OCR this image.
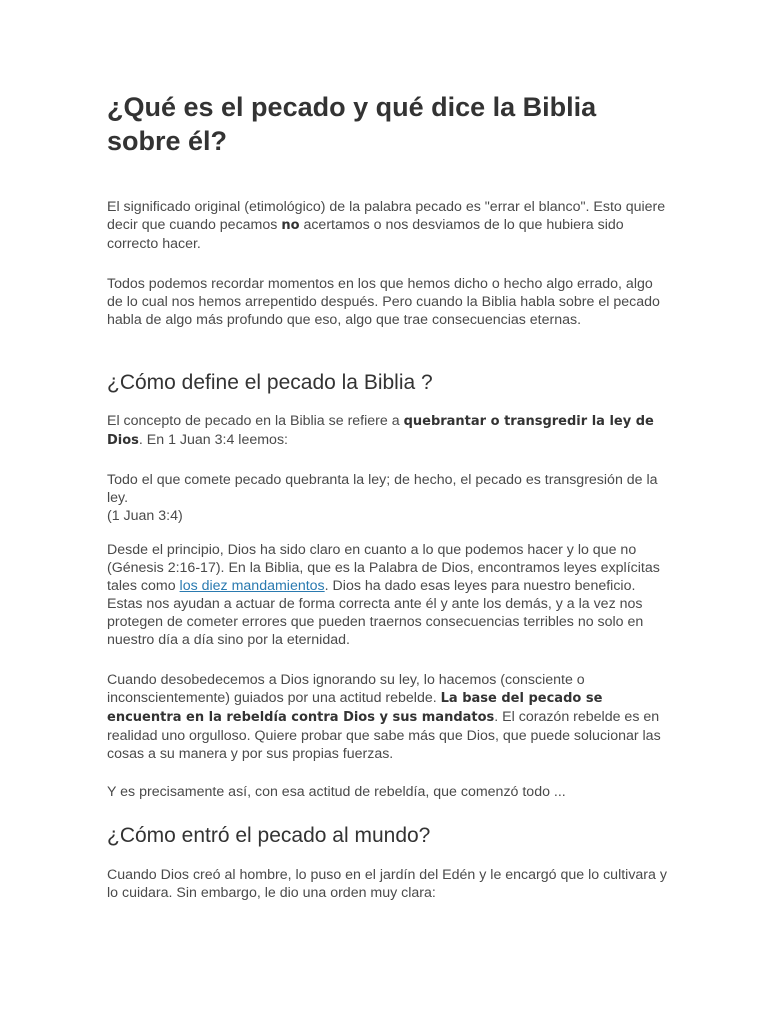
¿Qué es el pecado y qué dice la Biblia sobre él?

El significado original (etimológico) de la palabra pecado es "errar el blanco". Esto quiere decir que cuando pecamos no acertamos o nos desviamos de lo que hubiera sido correcto hacer.

Todos podemos recordar momentos en los que hemos dicho o hecho algo errado, algo de lo cual nos hemos arrepentido después. Pero cuando la Biblia habla sobre el pecado habla de algo más profundo que eso, algo que trae consecuencias eternas.

¿Cómo define el pecado la Biblia ?

El concepto de pecado en la Biblia se refiere a quebrantar o transgredir la ley de Dios. En 1 Juan 3:4 leemos:

Todo el que comete pecado quebranta la ley; de hecho, el pecado es transgresión de la ley.
(1 Juan 3:4)

Desde el principio, Dios ha sido claro en cuanto a lo que podemos hacer y lo que no (Génesis 2:16-17). En la Biblia, que es la Palabra de Dios, encontramos leyes explícitas tales como los diez mandamientos. Dios ha dado esas leyes para nuestro beneficio. Estas nos ayudan a actuar de forma correcta ante él y ante los demás, y a la vez nos protegen de cometer errores que pueden traernos consecuencias terribles no solo en nuestro día a día sino por la eternidad.

Cuando desobedecemos a Dios ignorando su ley, lo hacemos (consciente o inconscientemente) guiados por una actitud rebelde. La base del pecado se encuentra en la rebeldía contra Dios y sus mandatos. El corazón rebelde es en realidad uno orgulloso. Quiere probar que sabe más que Dios, que puede solucionar las cosas a su manera y por sus propias fuerzas.

Y es precisamente así, con esa actitud de rebeldía, que comenzó todo ...

¿Cómo entró el pecado al mundo?

Cuando Dios creó al hombre, lo puso en el jardín del Edén y le encargó que lo cultivara y lo cuidara. Sin embargo, le dio una orden muy clara:
